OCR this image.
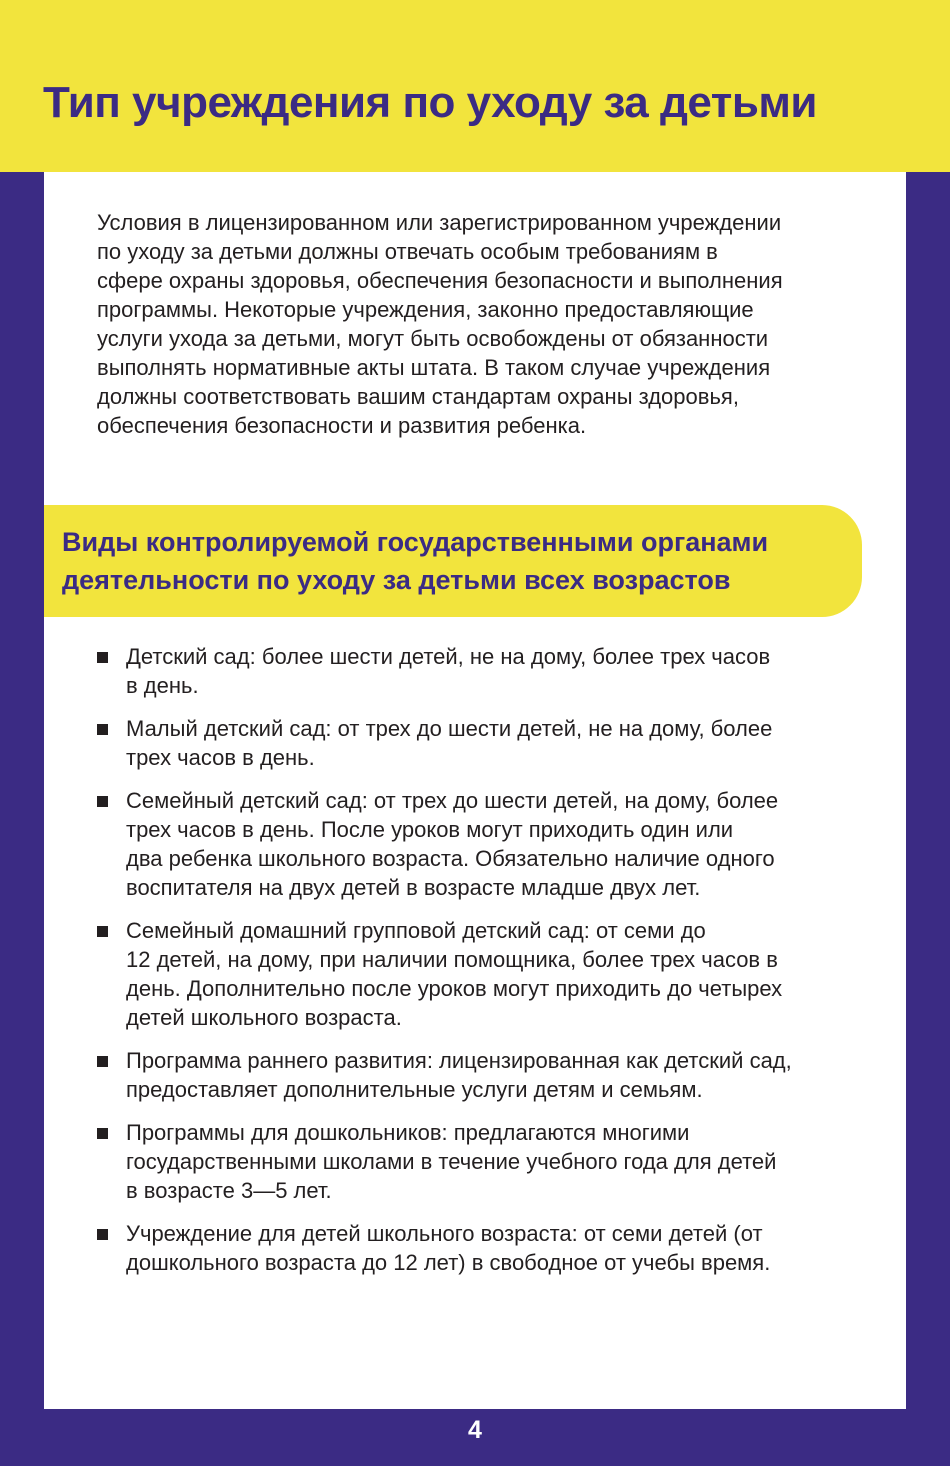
Тип учреждения по уходу за детьми

Условия в лицензированном или зарегистрированном учреждении
по уходу за детьми должны отвечать особым требованиям в
сфере охраны здоровья, обеспечения безопасности и выполнения
программы. Некоторые учреждения, законно предоставляющие
услуги ухода за детьми, могут быть освобождены от обязанности
выполнять нормативные акты штата. В таком случае учреждения
должны соответствовать вашим стандартам охраны здоровья,
обеспечения безопасности и развития ребенка.

Виды контролируемой государственными органами
деятельности по уходу за детьми всех возрастов
Детский сад: более шести детей, не на дому, более трех часов
в день.
Малый детский сад: от трех до шести детей, не на дому, более
трех часов в день.
Семейный детский сад: от трех до шести детей, на дому, более
трех часов в день. После уроков могут приходить один или
два ребенка школьного возраста. Обязательно наличие одного
воспитателя на двух детей в возрасте младше двух лет.
Семейный домашний групповой детский сад: от семи до
12 детей, на дому, при наличии помощника, более трех часов в
день. Дополнительно после уроков могут приходить до четырех
детей школьного возраста.
Программа раннего развития: лицензированная как детский сад,
предоставляет дополнительные услуги детям и семьям.
Программы для дошкольников: предлагаются многими
государственными школами в течение учебного года для детей
в возрасте 3—5 лет.
Учреждение для детей школьного возраста: от семи детей (от
дошкольного возраста до 12 лет) в свободное от учебы время.
4
